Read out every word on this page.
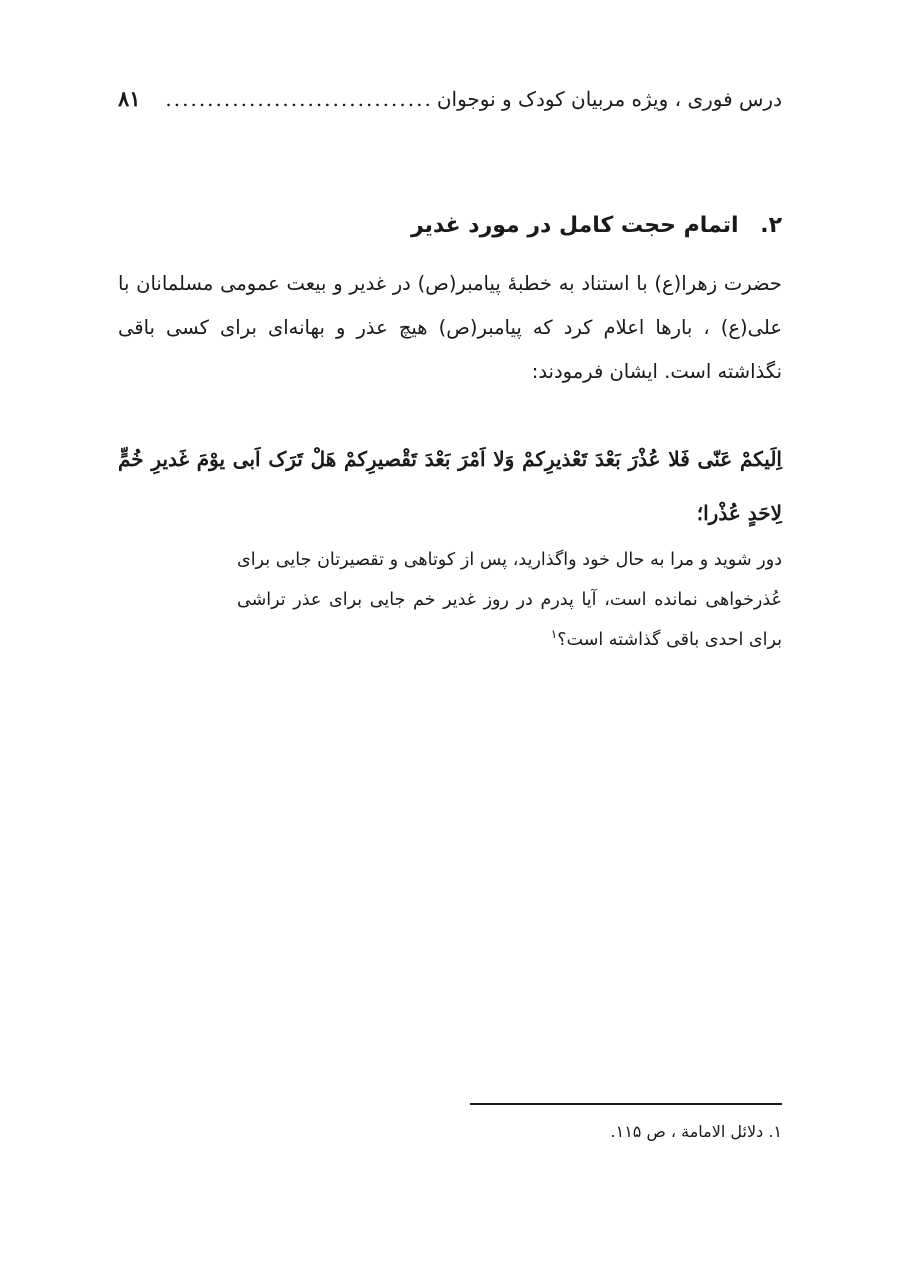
درس فوری ، ویژه مربیان کودک و نوجوان
................................
۸۱
۲. اتمام حجت کامل در مورد غدیر
حضرت زهرا(ع) با استناد به خطبۀ پیامبر(ص) در غدیر و بیعت عمومی مسلمانان با علی(ع) ، بارها اعلام کرد که پیامبر(ص) هیچ عذر و بهانه‌ای برای کسی باقی نگذاشته است. ایشان فرمودند:
اِلَیکمْ عَنّی فَلا عُذْرَ بَعْدَ تَعْذیرِکمْ وَلا اَمْرَ بَعْدَ تَقْصیرِکمْ هَلْ تَرَک اَبی یوْمَ غَدیرِ خُمٍّ لِاحَدٍ عُذْرا؛
دور شوید و مرا به حال خود واگذارید، پس از کوتاهی و تقصیرتان جایی برای عُذرخواهی نمانده است، آیا پدرم در روز غدیر خم جایی برای عذر تراشی برای احدی باقی گذاشته است؟$^۱$
۱. دلائل الامامة ، ص ۱۱۵.
